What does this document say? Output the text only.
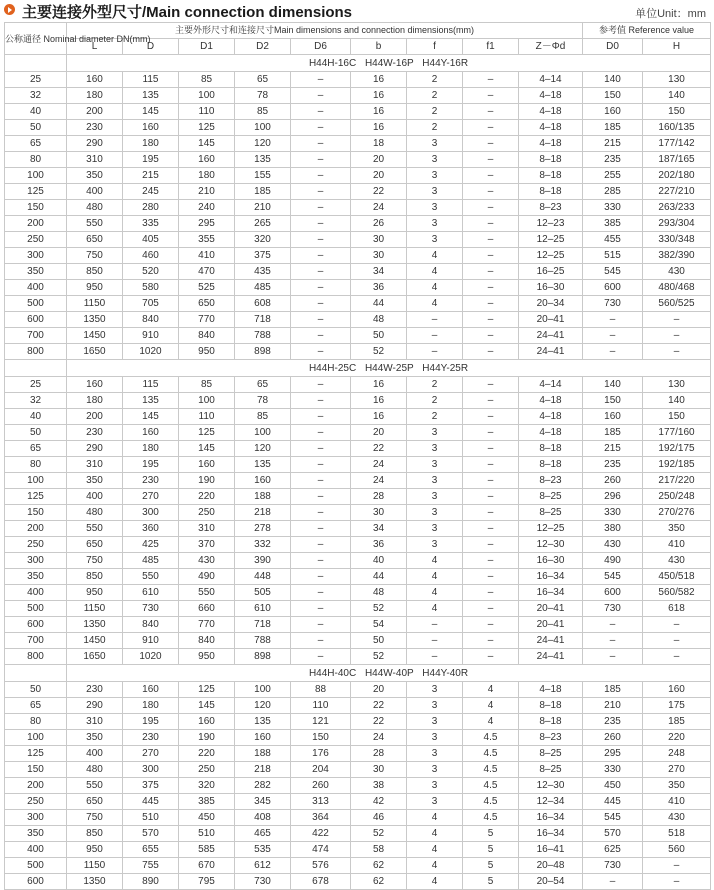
主要连接外型尺寸/Main connection dimensions	单位Unit：mm
公称通径 Nominal diameter DN(mm)	主要外形尺寸和连接尺寸Main dimensions and connection dimensions(mm)									参考值 Reference value	
	L	D	D1	D2	D6	b	f	f1	Z－Φd	D0	H
	H44H-16C H44W-16P H44Y-16R										
25	160	115	85	65	–	16	2	–	4–14	140	130
32	180	135	100	78	–	16	2	–	4–18	150	140
40	200	145	110	85	–	16	2	–	4–18	160	150
50	230	160	125	100	–	16	2	–	4–18	185	160/135
65	290	180	145	120	–	18	3	–	4–18	215	177/142
80	310	195	160	135	–	20	3	–	8–18	235	187/165
100	350	215	180	155	–	20	3	–	8–18	255	202/180
125	400	245	210	185	–	22	3	–	8–18	285	227/210
150	480	280	240	210	–	24	3	–	8–23	330	263/233
200	550	335	295	265	–	26	3	–	12–23	385	293/304
250	650	405	355	320	–	30	3	–	12–25	455	330/348
300	750	460	410	375	–	30	4	–	12–25	515	382/390
350	850	520	470	435	–	34	4	–	16–25	545	430
400	950	580	525	485	–	36	4	–	16–30	600	480/468
500	1150	705	650	608	–	44	4	–	20–34	730	560/525
600	1350	840	770	718	–	48	–	–	20–41	–	–
700	1450	910	840	788	–	50	–	–	24–41	–	–
800	1650	1020	950	898	–	52	–	–	24–41	–	–
	H44H-25C H44W-25P H44Y-25R										
25	160	115	85	65	–	16	2	–	4–14	140	130
32	180	135	100	78	–	16	2	–	4–18	150	140
40	200	145	110	85	–	16	2	–	4–18	160	150
50	230	160	125	100	–	20	3	–	4–18	185	177/160
65	290	180	145	120	–	22	3	–	8–18	215	192/175
80	310	195	160	135	–	24	3	–	8–18	235	192/185
100	350	230	190	160	–	24	3	–	8–23	260	217/220
125	400	270	220	188	–	28	3	–	8–25	296	250/248
150	480	300	250	218	–	30	3	–	8–25	330	270/276
200	550	360	310	278	–	34	3	–	12–25	380	350
250	650	425	370	332	–	36	3	–	12–30	430	410
300	750	485	430	390	–	40	4	–	16–30	490	430
350	850	550	490	448	–	44	4	–	16–34	545	450/518
400	950	610	550	505	–	48	4	–	16–34	600	560/582
500	1150	730	660	610	–	52	4	–	20–41	730	618
600	1350	840	770	718	–	54	–	–	20–41	–	–
700	1450	910	840	788	–	50	–	–	24–41	–	–
800	1650	1020	950	898	–	52	–	–	24–41	–	–
	H44H-40C H44W-40P H44Y-40R										
50	230	160	125	100	88	20	3	4	4–18	185	160
65	290	180	145	120	110	22	3	4	8–18	210	175
80	310	195	160	135	121	22	3	4	8–18	235	185
100	350	230	190	160	150	24	3	4.5	8–23	260	220
125	400	270	220	188	176	28	3	4.5	8–25	295	248
150	480	300	250	218	204	30	3	4.5	8–25	330	270
200	550	375	320	282	260	38	3	4.5	12–30	450	350
250	650	445	385	345	313	42	3	4.5	12–34	445	410
300	750	510	450	408	364	46	4	4.5	16–34	545	430
350	850	570	510	465	422	52	4	5	16–34	570	518
400	950	655	585	535	474	58	4	5	16–41	625	560
500	1150	755	670	612	576	62	4	5	20–48	730	–
600	1350	890	795	730	678	62	4	5	20–54	–	–
